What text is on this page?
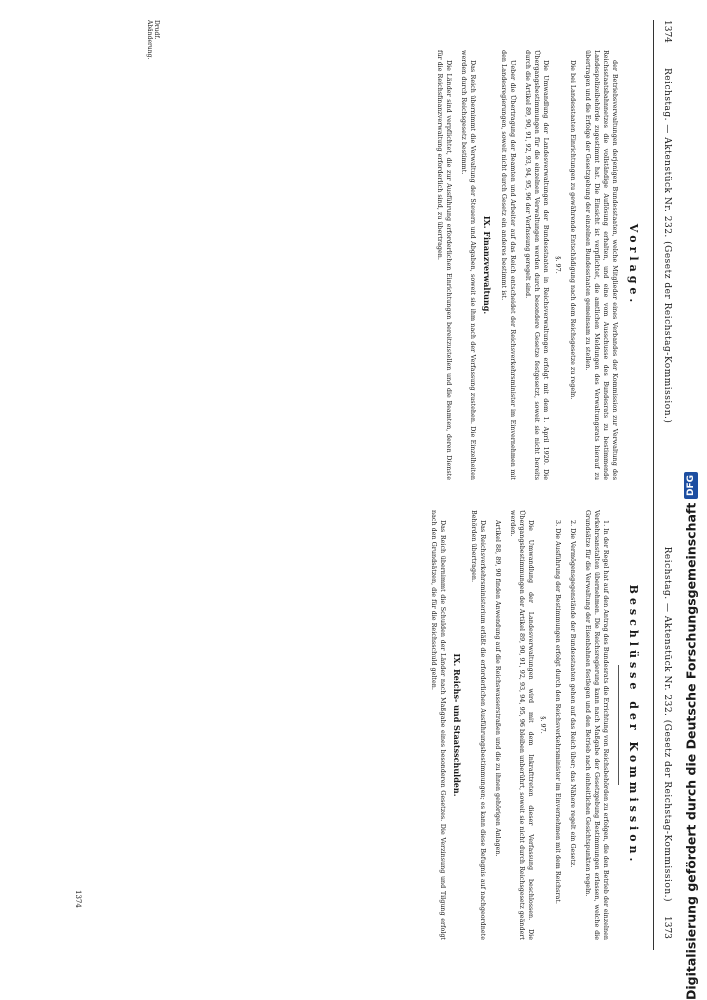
1374
Reichstag. — Aktenstück Nr. 232. (Gesetz der Reichstag-Kommission.)
Reichstag. — Aktenstück Nr. 232. (Gesetz der Reichstag-Kommission.)
1373
Drudf. Abänderung.
Vorlage.

der Betriebsverwaltungen derjenigen Bundesstaaten, welche Mitglieder eines Verbandes der Kommission zur Verwaltung des Reichsstaatsbahnnetzes die vollständige Auflösung erhalten, und eine vom Ausschusse des Bundesrats zu bestimmende Landespolizeibehörde zugestimmt hat. Die Einsicht ist verpflichtet, die amtlichen Meldungen des Verwaltungsrats hierauf zu übertragen und die Erfolge der Gesetzgebung der einzelnen Bundesstaaten gemeinsam zu stellen.

Die bei Landesstaaten Einrichtungen zu gewährende Entschädigung nach dem Reichsgesetze zu regeln.

§. 97.

Die Umwandlung der Landesverwaltungen der Bundesstaaten in Reichsverwaltungen erfolgt mit dem 1. April 1920. Die Übergangsbestimmungen für die einzelnen Verwaltungen werden durch besondere Gesetze festgesetzt, soweit sie nicht bereits durch die Artikel 89, 90, 91, 92, 93, 94, 95, 96 der Verfassung geregelt sind.

Ueber die Übertragung der Beamten und Arbeiter auf das Reich entscheidet der Reichsverkehrsminister im Einvernehmen mit den Landesregierungen, soweit nicht durch Gesetz ein anderes bestimmt ist.

IX. Finanzverwaltung.

Das Reich übernimmt die Verwaltung der Steuern und Abgaben, soweit sie ihm nach der Verfassung zustehen. Die Einzelheiten werden durch Reichsgesetz bestimmt.

Die Länder sind verpflichtet, die zur Ausführung erforderlichen Einrichtungen bereitzustellen und die Beamten, deren Dienste für die Reichsfinanzverwaltung erforderlich sind, zu übertragen.

Beschlüsse der Kommission.

1. In der Regel hat auf den Antrag des Bundesrats die Errichtung von Reichsbehörden zu erfolgen, die den Betrieb der einzelnen Verkehrsanstalten übernehmen. Die Reichsregierung kann nach Maßgabe der Gesetzgebung Bestimmungen erlassen, welche die Grundsätze für die Verwaltung der Eisenbahnen festlegen und den Betrieb nach einheitlichen Gesichtspunkten regeln.

2. Die Vermögensgegenstände der Bundesstaaten gehen auf das Reich über; das Nähere regelt ein Gesetz.

3. Die Ausführung der Bestimmungen erfolgt durch den Reichsverkehrsminister im Einvernehmen mit dem Reichsrat.

§. 97.

Die Umwandlung der Landesverwaltungen wird mit dem Inkrafttreten dieser Verfassung beschlossen. Die Übergangsbestimmungen der Artikel 89, 90, 91, 92, 93, 94, 95, 96 bleiben unberührt, soweit sie nicht durch Reichsgesetz geändert werden.

Artikel 88, 89, 90 finden Anwendung auf die Reichswasserstraßen und die zu ihnen gehörigen Anlagen.

Das Reichsverkehrsministerium erläßt die erforderlichen Ausführungsbestimmungen; es kann diese Befugnis auf nachgeordnete Behörden übertragen.

IX. Reichs- und Staatsschulden.

Das Reich übernimmt die Schulden der Länder nach Maßgabe eines besonderen Gesetzes. Die Verzinsung und Tilgung erfolgt nach den Grundsätzen, die für die Reichsschuld gelten.

1374	Digitalisierung gefördert durch die Deutsche Forschungsgemeinschaft
DFG
